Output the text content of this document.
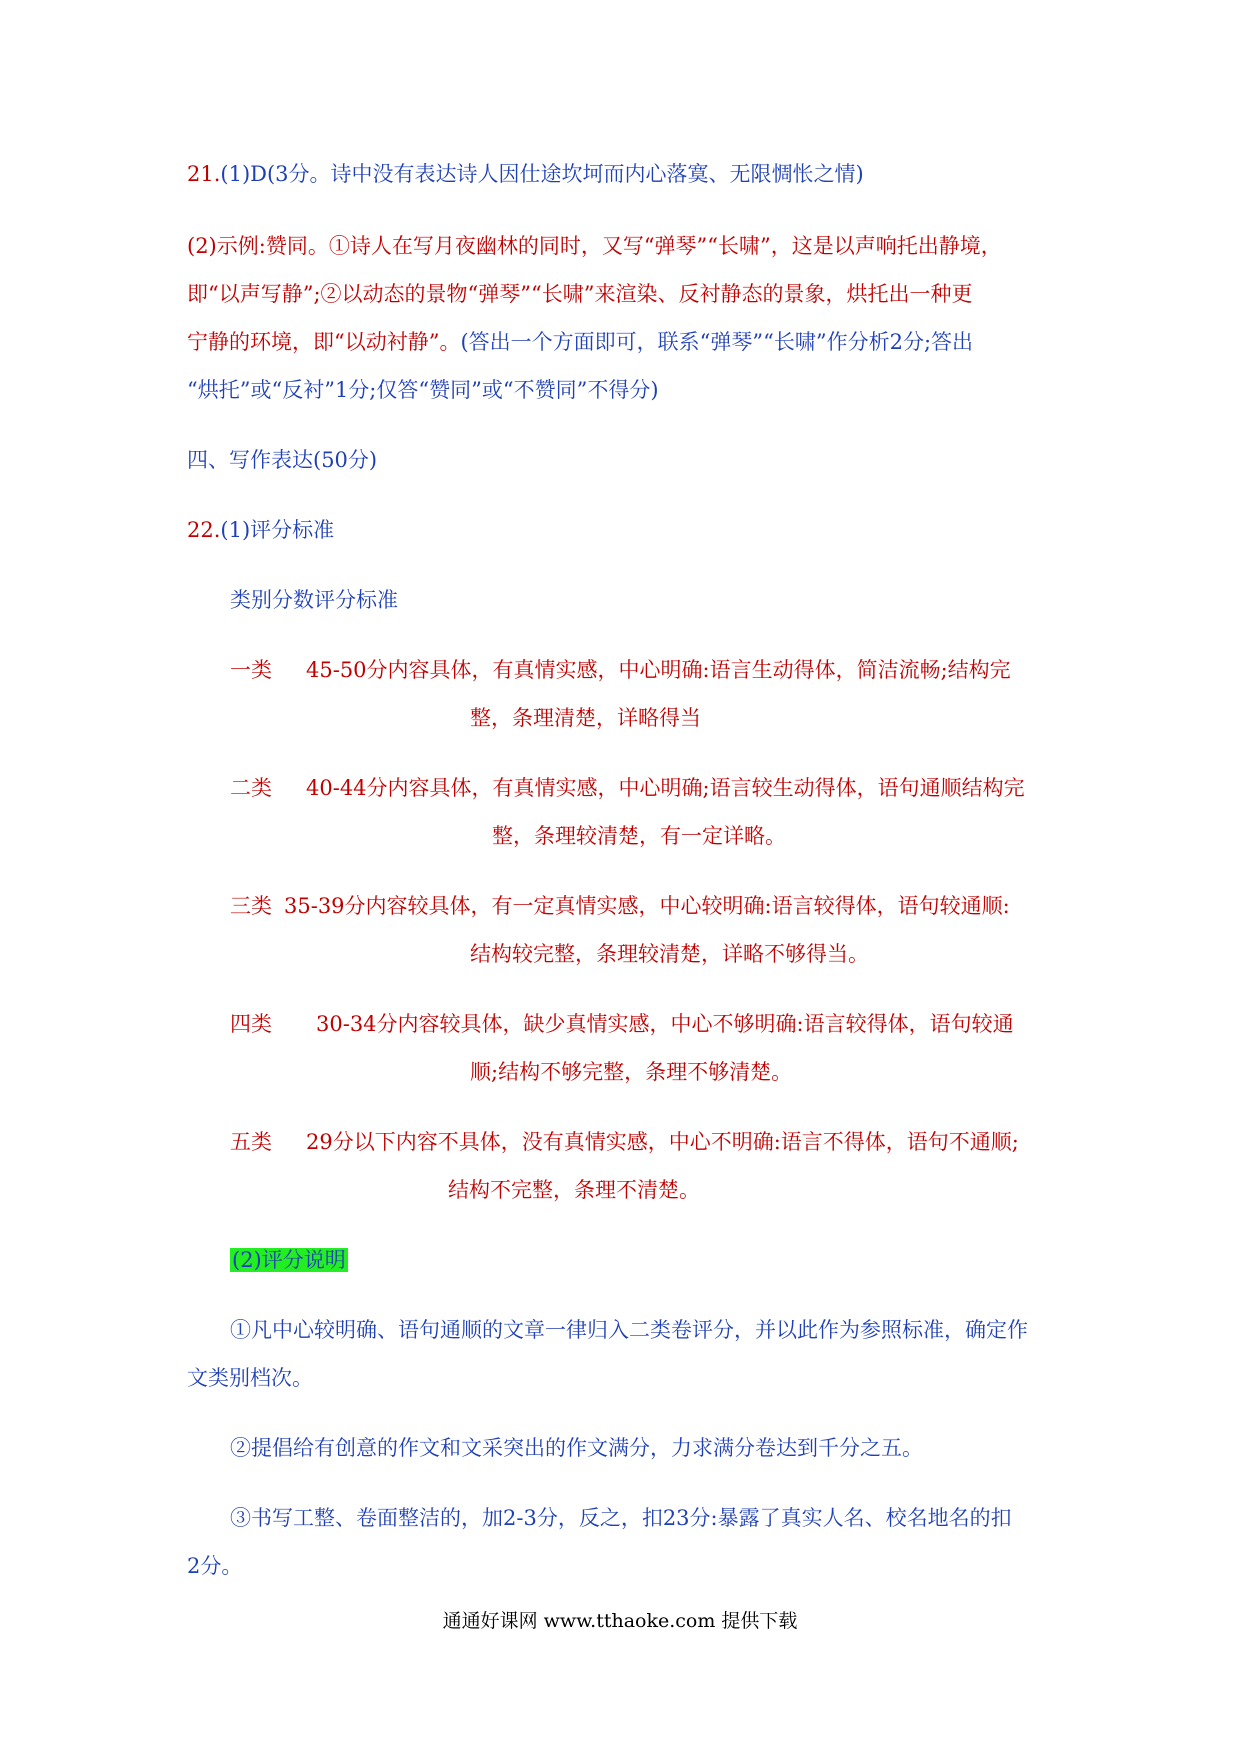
21.(1)D(3分。诗中没有表达诗人因仕途坎坷而内心落寞、无限惆怅之情)
(2)示例:赞同。①诗人在写月夜幽林的同时，又写“弹琴”“长啸”，这是以声响托出静境，
即“以声写静”;②以动态的景物“弹琴”“长啸”来渲染、反衬静态的景象，烘托出一种更
宁静的环境，即“以动衬静”。(答出一个方面即可，联系“弹琴”“长啸”作分析2分;答出
“烘托”或“反衬”1分;仅答“赞同”或“不赞同”不得分)
四、写作表达(50分)
22.(1)评分标准
类别分数评分标准
一类 45-50分内容具体，有真情实感，中心明确:语言生动得体，简洁流畅;结构完
整，条理清楚，详略得当
二类 40-44分内容具体，有真情实感，中心明确;语言较生动得体，语句通顺结构完
整，条理较清楚，有一定详略。
三类 35-39分内容较具体，有一定真情实感，中心较明确:语言较得体，语句较通顺:
结构较完整，条理较清楚，详略不够得当。
四类 30-34分内容较具体，缺少真情实感，中心不够明确:语言较得体，语句较通
顺;结构不够完整，条理不够清楚。
五类 29分以下内容不具体，没有真情实感，中心不明确:语言不得体，语句不通顺;
结构不完整，条理不清楚。
(2)评分说明
①凡中心较明确、语句通顺的文章一律归入二类卷评分，并以此作为参照标准，确定作
文类别档次。
②提倡给有创意的作文和文采突出的作文满分，力求满分卷达到千分之五。
③书写工整、卷面整洁的，加2-3分，反之，扣23分:暴露了真实人名、校名地名的扣
2分。
通通好课网 www.tthaoke.com 提供下载
